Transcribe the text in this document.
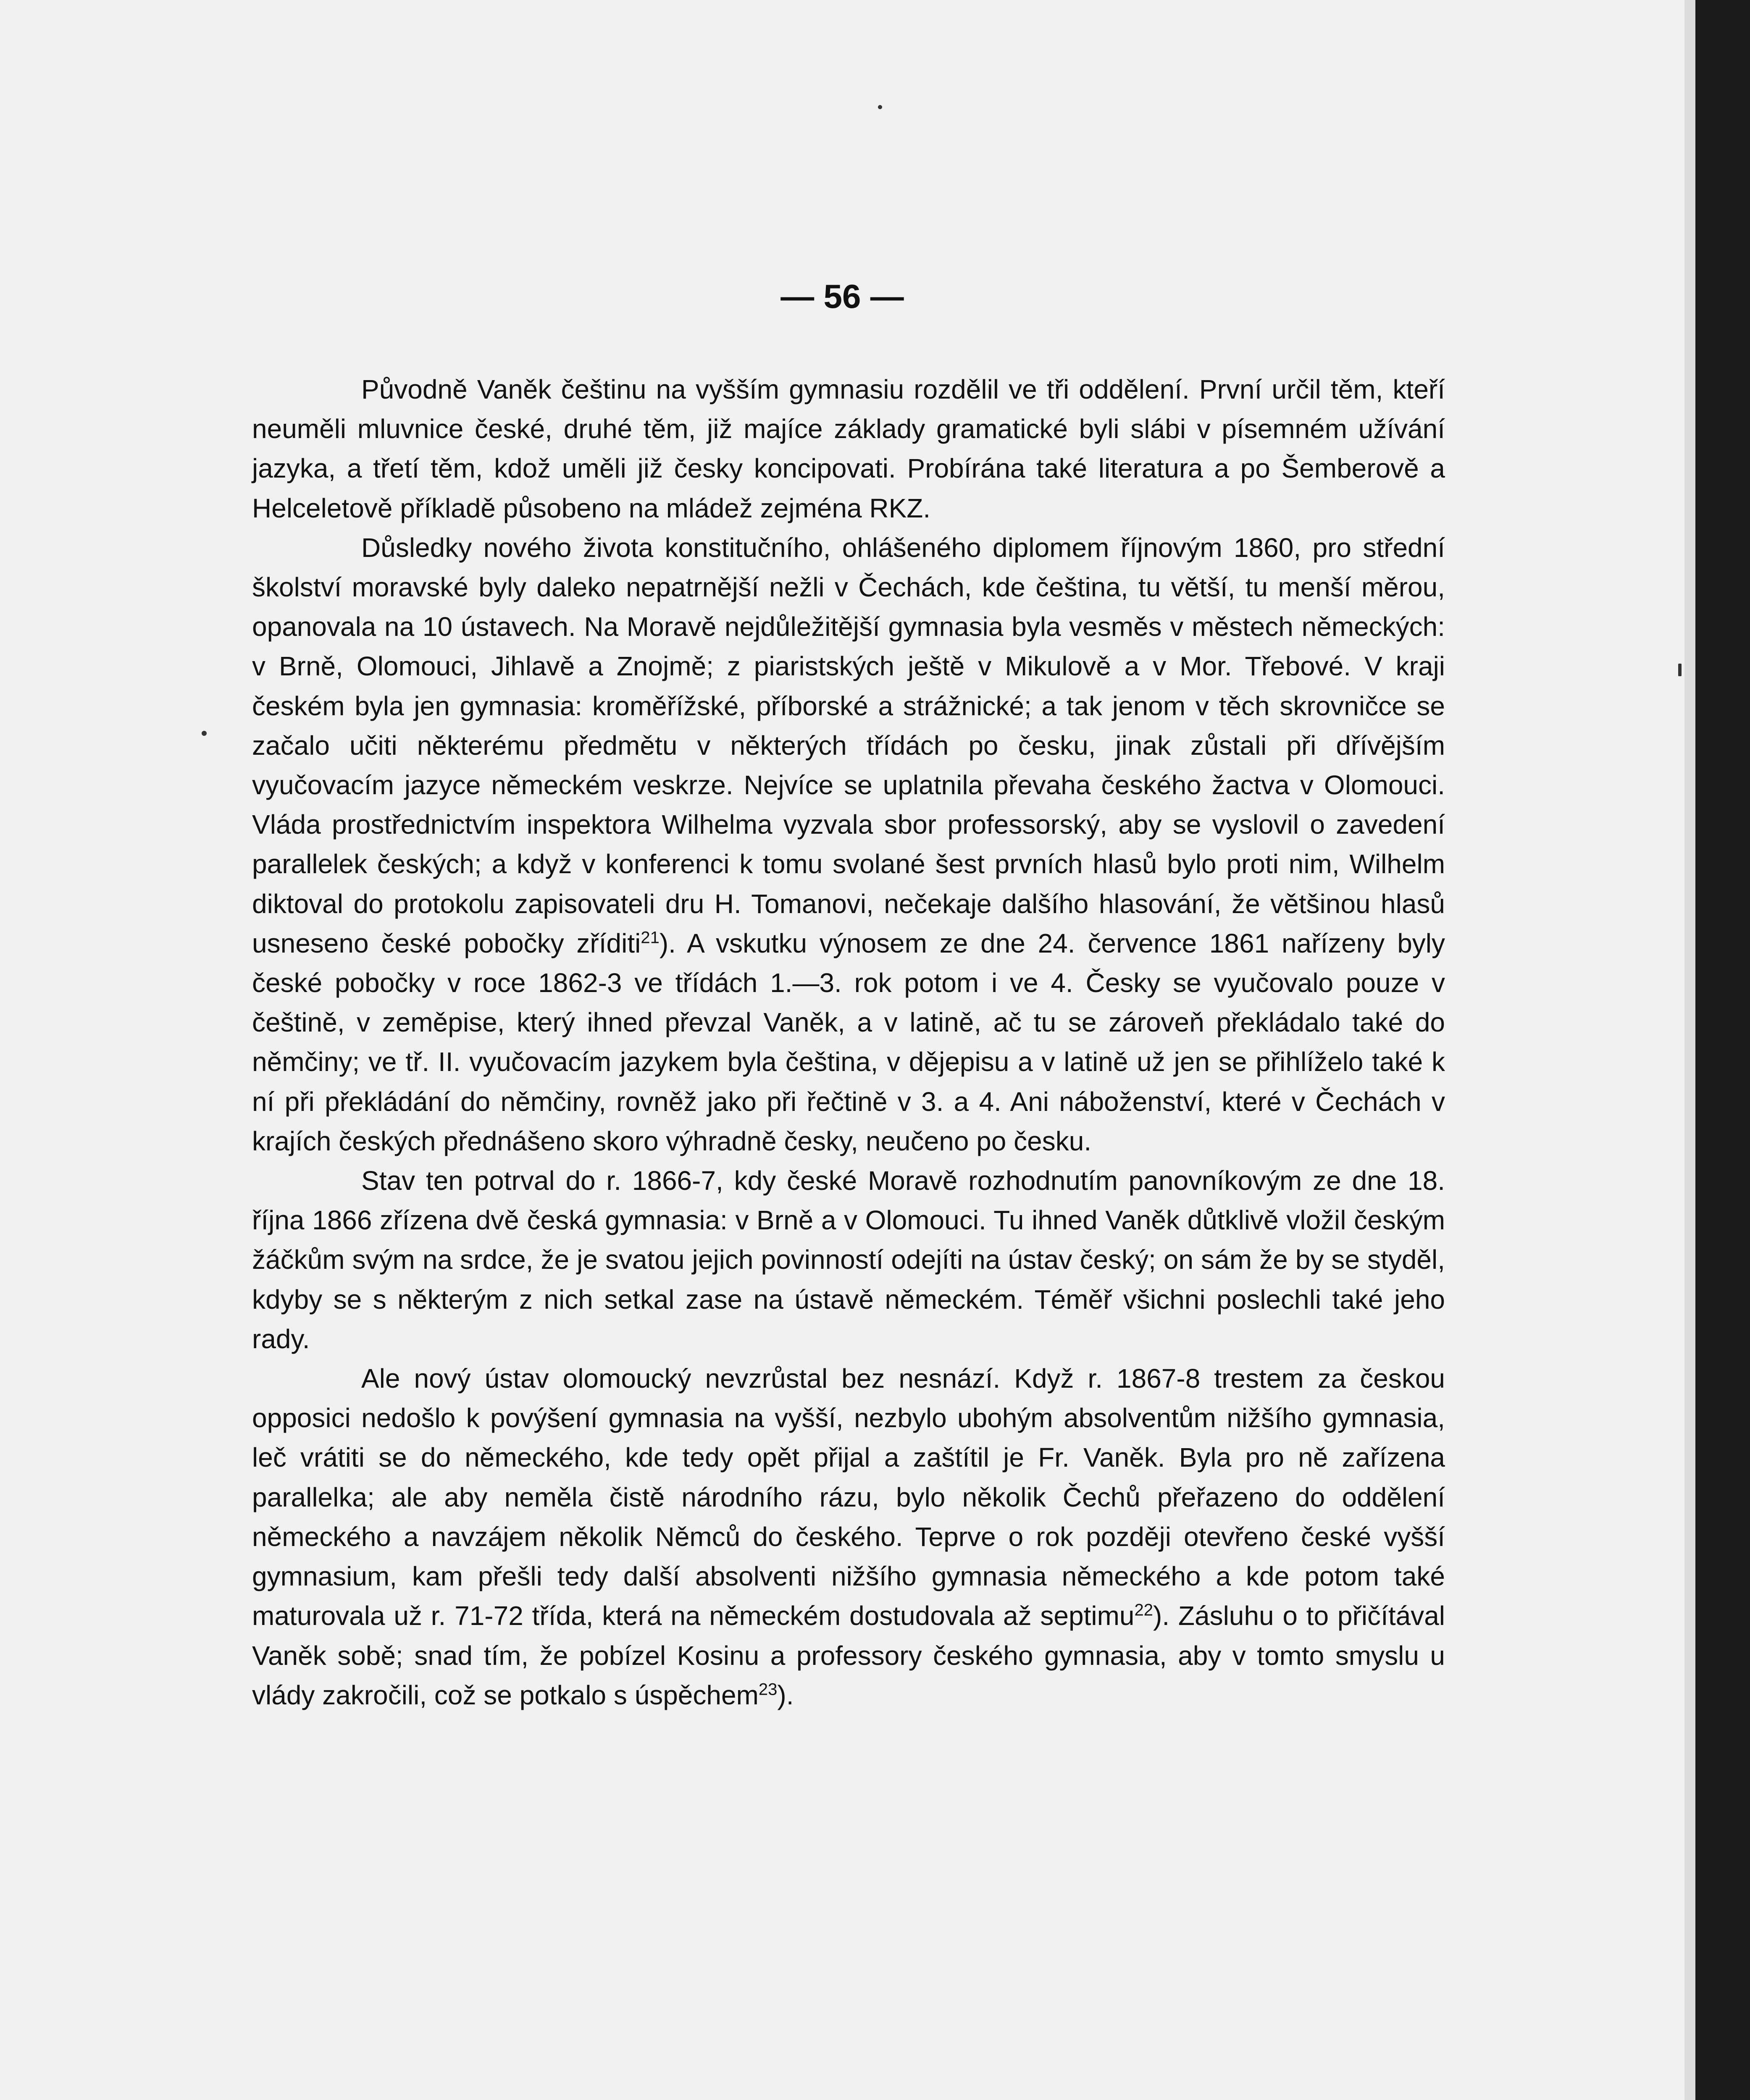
— 56 —

Původně Vaněk češtinu na vyšším gymnasiu rozdělil ve tři oddělení. První určil těm, kteří neuměli mluvnice české, druhé těm, již majíce základy gramatické byli slábi v písemném užívání jazyka, a třetí těm, kdož uměli již česky koncipovati. Probírána také literatura a po Šemberově a Helceletově příkladě působeno na mládež zejména RKZ.

Důsledky nového života konstitučního, ohlášeného diplomem říjnovým 1860, pro střední školství moravské byly daleko nepatrnější nežli v Čechách, kde čeština, tu větší, tu menší měrou, opanovala na 10 ústavech. Na Moravě nejdůležitější gymnasia byla vesměs v městech německých: v Brně, Olomouci, Jihlavě a Znojmě; z piaristských ještě v Mikulově a v Mor. Třebové. V kraji českém byla jen gymnasia: kroměřížské, příborské a strážnické; a tak jenom v těch skrovničce se začalo učiti některému předmětu v některých třídách po česku, jinak zůstali při dřívějším vyučovacím jazyce německém veskrze. Nejvíce se uplatnila převaha českého žactva v Olomouci. Vláda prostřednictvím inspektora Wilhelma vyzvala sbor professorský, aby se vyslovil o zavedení parallelek českých; a když v konferenci k tomu svolané šest prvních hlasů bylo proti nim, Wilhelm diktoval do protokolu zapisovateli dru H. Tomanovi, nečekaje dalšího hlasování, že většinou hlasů usneseno české pobočky zříditi$^{21}$). A vskutku výnosem ze dne 24. července 1861 nařízeny byly české pobočky v roce 1862-3 ve třídách 1.—3. rok potom i ve 4. Česky se vyučovalo pouze v češtině, v zeměpise, který ihned převzal Vaněk, a v latině, ač tu se zároveň překládalo také do němčiny; ve tř. II. vyučovacím jazykem byla čeština, v dějepisu a v latině už jen se přihlíželo také k ní při překládání do němčiny, rovněž jako při řečtině v 3. a 4. Ani náboženství, které v Čechách v krajích českých přednášeno skoro výhradně česky, neučeno po česku.

Stav ten potrval do r. 1866-7, kdy české Moravě rozhodnutím panovníkovým ze dne 18. října 1866 zřízena dvě česká gymnasia: v Brně a v Olomouci. Tu ihned Vaněk důtklivě vložil českým žáčkům svým na srdce, že je svatou jejich povinností odejíti na ústav český; on sám že by se styděl, kdyby se s některým z nich setkal zase na ústavě německém. Téměř všichni poslechli také jeho rady.

Ale nový ústav olomoucký nevzrůstal bez nesnází. Když r. 1867-8 trestem za českou opposici nedošlo k povýšení gymnasia na vyšší, nezbylo ubohým absolventům nižšího gymnasia, leč vrátiti se do německého, kde tedy opět přijal a zaštítil je Fr. Vaněk. Byla pro ně zařízena parallelka; ale aby neměla čistě národního rázu, bylo několik Čechů přeřazeno do oddělení německého a navzájem několik Němců do českého. Teprve o rok později otevřeno české vyšší gymnasium, kam přešli tedy další absolventi nižšího gymnasia německého a kde potom také maturovala už r. 71-72 třída, která na německém dostudovala až septimu$^{22}$). Zásluhu o to přičítával Vaněk sobě; snad tím, že pobízel Kosinu a professory českého gymnasia, aby v tomto smyslu u vlády zakročili, což se potkalo s úspěchem$^{23}$).
